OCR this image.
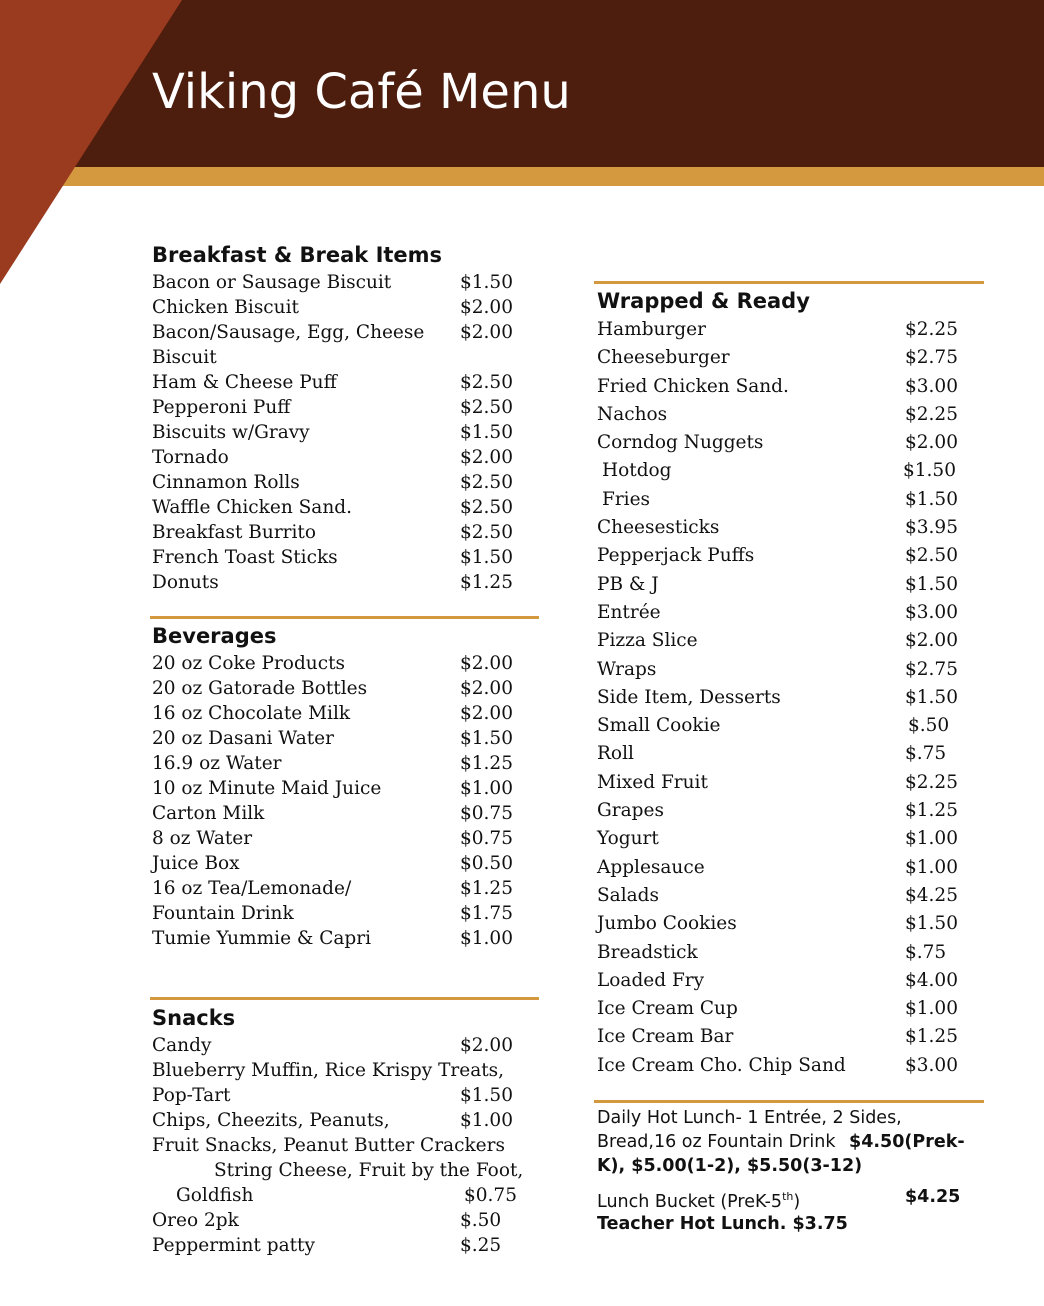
Viking Café Menu
Breakfast & Break Items
Bacon or Sausage Biscuit	$1.50
Chicken Biscuit	$2.00
Bacon/Sausage, Egg, Cheese $2.00
Biscuit
Ham & Cheese Puff	$2.50
Pepperoni Puff	$2.50
Biscuits w/Gravy	$1.50
Tornado	$2.00
Cinnamon Rolls	$2.50
Waffle Chicken Sand.	$2.50
Breakfast Burrito	$2.50
French Toast Sticks	$1.50
Donuts	$1.25
Beverages
20 oz Coke Products	$2.00
20 oz Gatorade Bottles	$2.00
16 oz Chocolate Milk	$2.00
20 oz Dasani Water	$1.50
16.9 oz Water	$1.25
10 oz Minute Maid Juice	$1.00
Carton Milk	$0.75
8 oz Water	$0.75
Juice Box	$0.50
16 oz Tea/Lemonade/	$1.25
Fountain Drink	$1.75
Tumie Yummie & Capri	$1.00
Snacks
Candy	$2.00
Blueberry Muffin, Rice Krispy Treats,
Pop-Tart	$1.50
Chips, Cheezits, Peanuts,	$1.00
Fruit Snacks, Peanut Butter Crackers
String Cheese, Fruit by the Foot,
Goldfish	$0.75
Oreo 2pk	$.50
Peppermint patty	$.25
Wrapped & Ready
Hamburger	$2.25
Cheeseburger	$2.75
Fried Chicken Sand.	$3.00
Nachos	$2.25
Corndog Nuggets	$2.00
Hotdog	$1.50
Fries	$1.50
Cheesesticks	$3.95
Pepperjack Puffs	$2.50
PB & J	$1.50
Entrée	$3.00
Pizza Slice	$2.00
Wraps	$2.75
Side Item, Desserts	$1.50
Small Cookie	$.50
Roll	$.75
Mixed Fruit	$2.25
Grapes	$1.25
Yogurt	$1.00
Applesauce	$1.00
Salads	$4.25
Jumbo Cookies	$1.50
Breadstick	$.75
Loaded Fry	$4.00
Ice Cream Cup	$1.00
Ice Cream Bar	$1.25
Ice Cream Cho. Chip Sand	$3.00
Daily Hot Lunch- 1 Entrée, 2 Sides,
Bread,16 oz Fountain Drink $4.50(Prek-
K), $5.00(1-2), $5.50(3-12)
Lunch Bucket (PreK-5th)	$4.25
Teacher Hot Lunch. $3.75
